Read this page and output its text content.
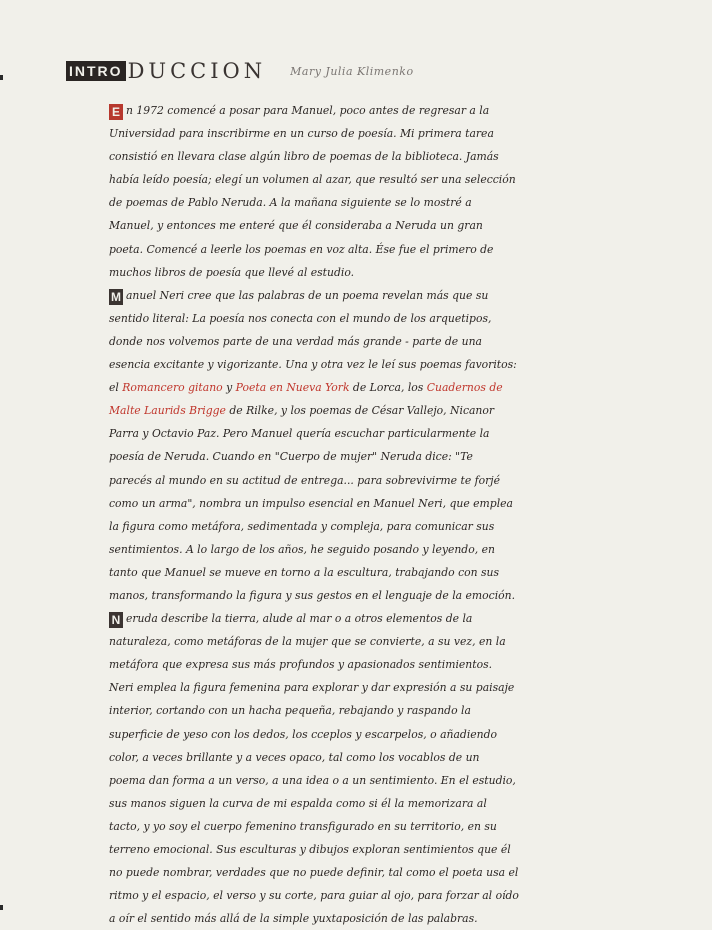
INTRO DUCCION Mary Julia Klimenko

E n 1972 comencé a posar para Manuel, poco antes de regresar a la Universidad para inscribirme en un curso de poesía. Mi primera tarea consistió en llevara clase algún libro de poemas de la biblioteca. Jamás había leído poesía; elegí un volumen al azar, que resultó ser una selección de poemas de Pablo Neruda. A la mañana siguiente se lo mostré a Manuel, y entonces me enteré que él consideraba a Neruda un gran poeta. Comencé a leerle los poemas en voz alta. Ése fue el primero de muchos libros de poesía que llevé al estudio.

M anuel Neri cree que las palabras de un poema revelan más que su sentido literal: La poesía nos conecta con el mundo de los arquetipos, donde nos volvemos parte de una verdad más grande - parte de una esencia excitante y vigorizante. Una y otra vez le leí sus poemas favoritos: el Romancero gitano y Poeta en Nueva York de Lorca, los Cuadernos de Malte Laurids Brigge de Rilke, y los poemas de César Vallejo, Nicanor Parra y Octavio Paz. Pero Manuel quería escuchar particularmente la poesía de Neruda. Cuando en "Cuerpo de mujer" Neruda dice: "Te parecés al mundo en su actitud de entrega... para sobrevivirme te forjé como un arma", nombra un impulso esencial en Manuel Neri, que emplea la figura como metáfora, sedimentada y compleja, para comunicar sus sentimientos. A lo largo de los años, he seguido posando y leyendo, en tanto que Manuel se mueve en torno a la escultura, trabajando con sus manos, transformando la figura y sus gestos en el lenguaje de la emoción.

N eruda describe la tierra, alude al mar o a otros elementos de la naturaleza, como metáforas de la mujer que se convierte, a su vez, en la metáfora que expresa sus más profundos y apasionados sentimientos. Neri emplea la figura femenina para explorar y dar expresión a su paisaje interior, cortando con un hacha pequeña, rebajando y raspando la superficie de yeso con los dedos, los cceplos y escarpelos, o añadiendo color, a veces brillante y a veces opaco, tal como los vocablos de un poema dan forma a un verso, a una idea o a un sentimiento. En el estudio, sus manos siguen la curva de mi espalda como si él la memorizara al tacto, y yo soy el cuerpo femenino transfigurado en su territorio, en su terreno emocional. Sus esculturas y dibujos exploran sentimientos que él no puede nombrar, verdades que no puede definir, tal como el poeta usa el ritmo y el espacio, el verso y su corte, para guiar al ojo, para forzar al oído a oír el sentido más allá de la simple yuxtaposición de las palabras.
